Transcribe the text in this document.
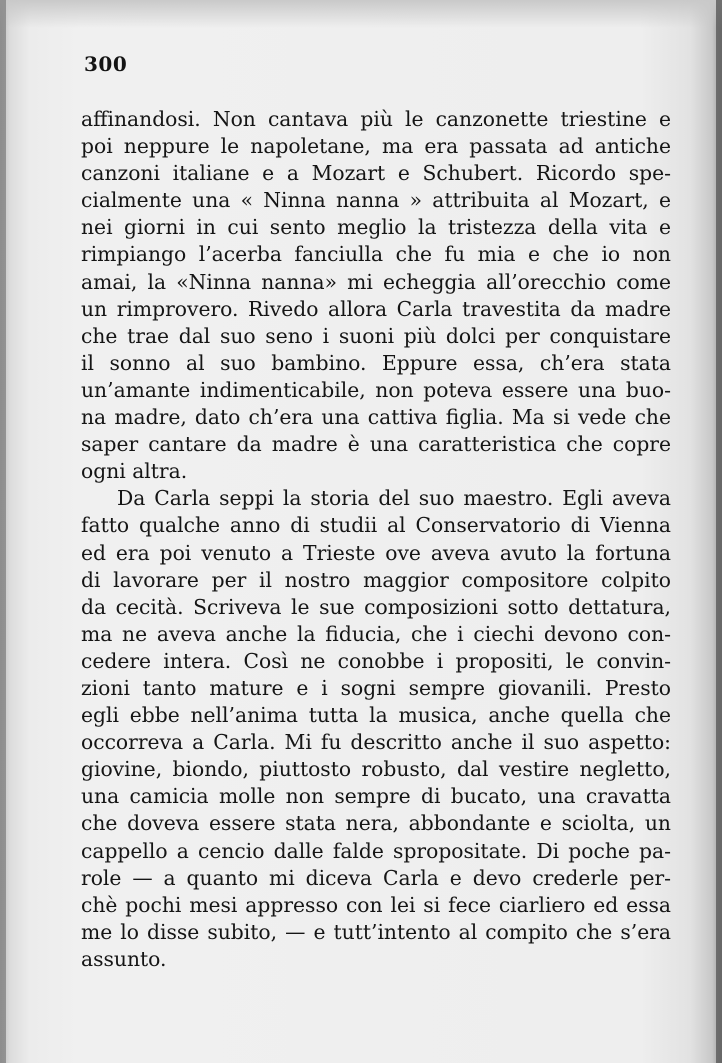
300
affinandosi. Non cantava più le canzonette triestine e
poi neppure le napoletane, ma era passata ad antiche
canzoni italiane e a Mozart e Schubert. Ricordo spe-
cialmente una « Ninna nanna » attribuita al Mozart, e
nei giorni in cui sento meglio la tristezza della vita e
rimpiango l’acerba fanciulla che fu mia e che io non
amai, la «Ninna nanna» mi echeggia all’orecchio come
un rimprovero. Rivedo allora Carla travestita da madre
che trae dal suo seno i suoni più dolci per conquistare
il sonno al suo bambino. Eppure essa, ch’era stata
un’amante indimenticabile, non poteva essere una buo-
na madre, dato ch’era una cattiva figlia. Ma si vede che
saper cantare da madre è una caratteristica che copre
ogni altra.
Da Carla seppi la storia del suo maestro. Egli aveva
fatto qualche anno di studii al Conservatorio di Vienna
ed era poi venuto a Trieste ove aveva avuto la fortuna
di lavorare per il nostro maggior compositore colpito
da cecità. Scriveva le sue composizioni sotto dettatura,
ma ne aveva anche la fiducia, che i ciechi devono con-
cedere intera. Così ne conobbe i propositi, le convin-
zioni tanto mature e i sogni sempre giovanili. Presto
egli ebbe nell’anima tutta la musica, anche quella che
occorreva a Carla. Mi fu descritto anche il suo aspetto:
giovine, biondo, piuttosto robusto, dal vestire negletto,
una camicia molle non sempre di bucato, una cravatta
che doveva essere stata nera, abbondante e sciolta, un
cappello a cencio dalle falde spropositate. Di poche pa-
role — a quanto mi diceva Carla e devo crederle per-
chè pochi mesi appresso con lei si fece ciarliero ed essa
me lo disse subito, — e tutt’intento al compito che s’era
assunto.
